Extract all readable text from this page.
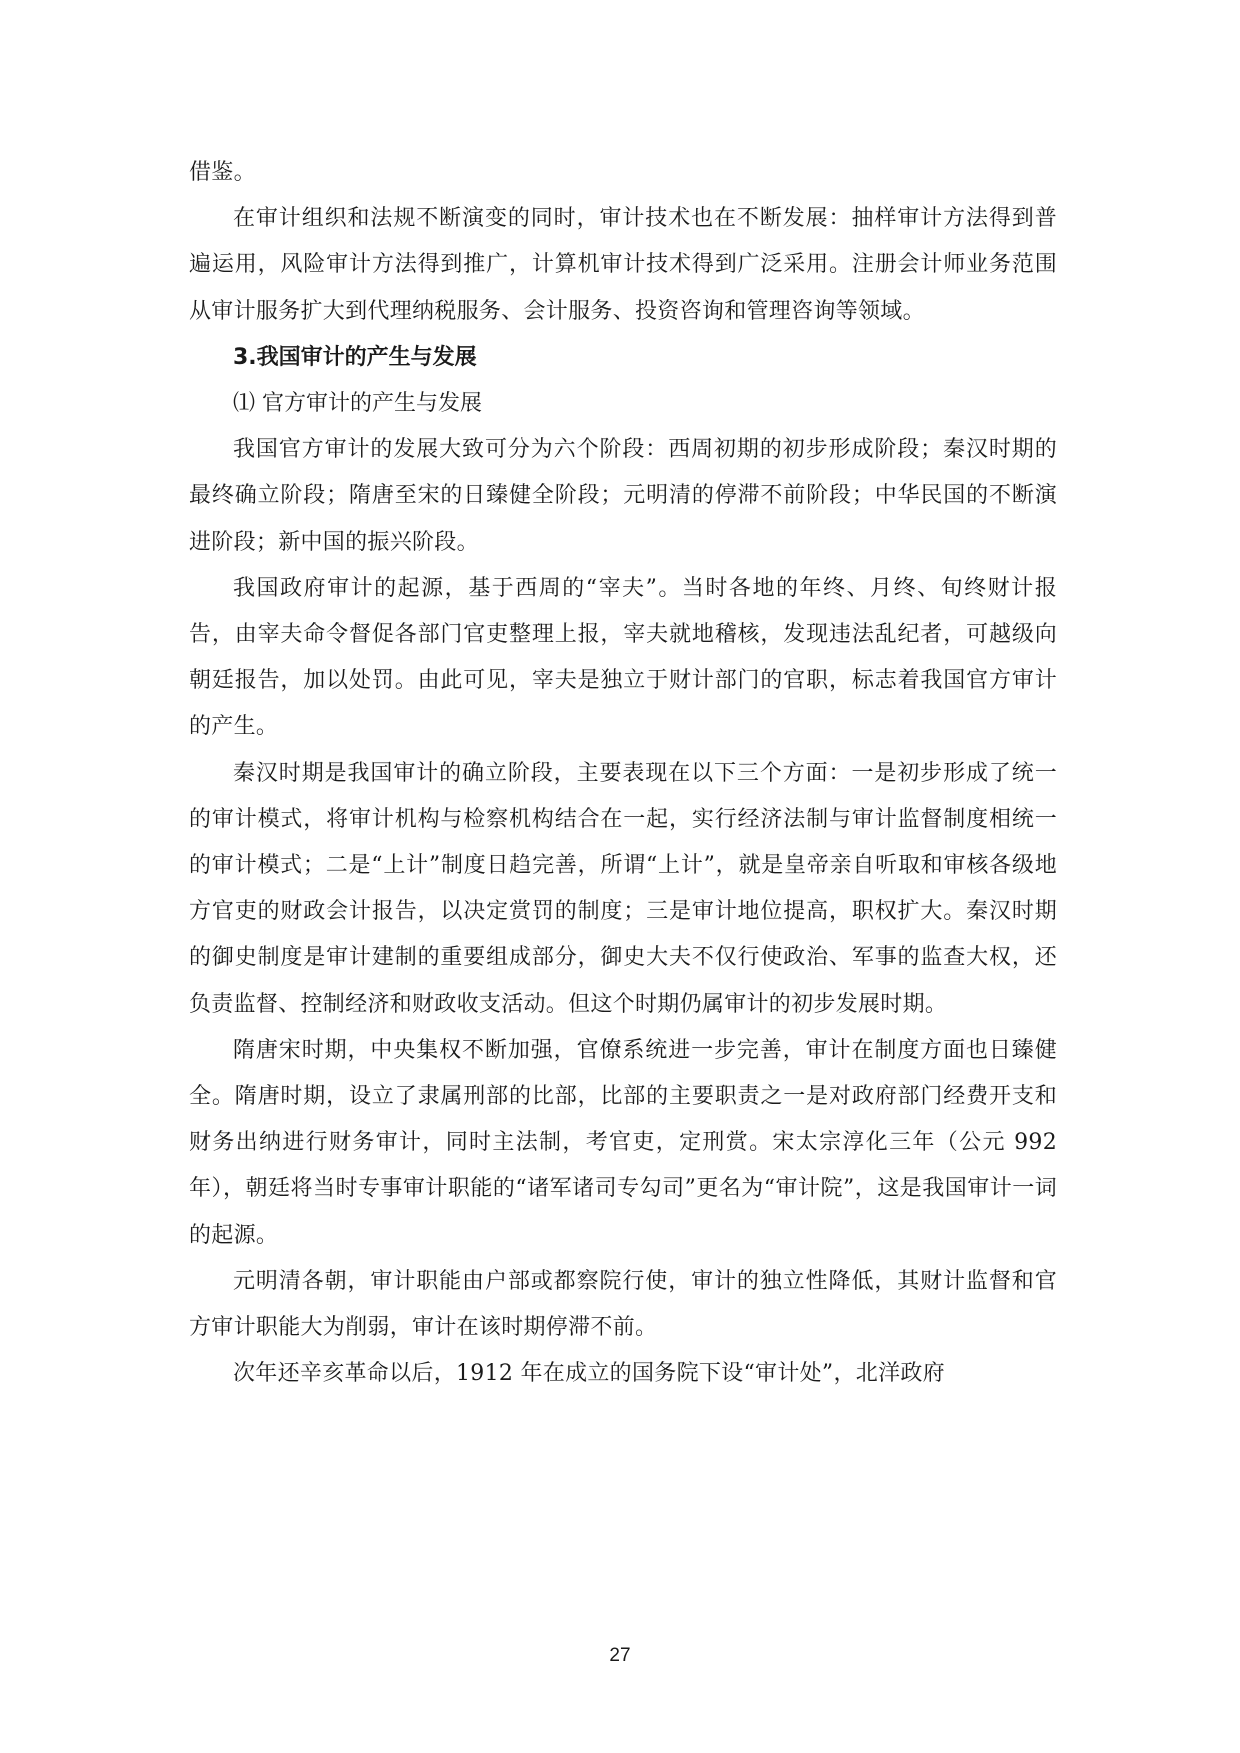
借鉴。

在审计组织和法规不断演变的同时，审计技术也在不断发展：抽样审计方法得到普遍运用，风险审计方法得到推广，计算机审计技术得到广泛采用。注册会计师业务范围从审计服务扩大到代理纳税服务、会计服务、投资咨询和管理咨询等领域。

3.我国审计的产生与发展

⑴ 官方审计的产生与发展

我国官方审计的发展大致可分为六个阶段：西周初期的初步形成阶段；秦汉时期的最终确立阶段；隋唐至宋的日臻健全阶段；元明清的停滞不前阶段；中华民国的不断演进阶段；新中国的振兴阶段。

我国政府审计的起源，基于西周的“宰夫”。当时各地的年终、月终、旬终财计报告，由宰夫命令督促各部门官吏整理上报，宰夫就地稽核，发现违法乱纪者，可越级向朝廷报告，加以处罚。由此可见，宰夫是独立于财计部门的官职，标志着我国官方审计的产生。

秦汉时期是我国审计的确立阶段，主要表现在以下三个方面：一是初步形成了统一的审计模式，将审计机构与检察机构结合在一起，实行经济法制与审计监督制度相统一的审计模式；二是“上计”制度日趋完善，所谓“上计”，就是皇帝亲自听取和审核各级地方官吏的财政会计报告，以决定赏罚的制度；三是审计地位提高，职权扩大。秦汉时期的御史制度是审计建制的重要组成部分，御史大夫不仅行使政治、军事的监查大权，还负责监督、控制经济和财政收支活动。但这个时期仍属审计的初步发展时期。

隋唐宋时期，中央集权不断加强，官僚系统进一步完善，审计在制度方面也日臻健全。隋唐时期，设立了隶属刑部的比部，比部的主要职责之一是对政府部门经费开支和财务出纳进行财务审计，同时主法制，考官吏，定刑赏。宋太宗淳化三年（公元 992 年），朝廷将当时专事审计职能的“诸军诸司专勾司”更名为“审计院”，这是我国审计一词的起源。

元明清各朝，审计职能由户部或都察院行使，审计的独立性降低，其财计监督和官方审计职能大为削弱，审计在该时期停滞不前。

次年还辛亥革命以后，1912 年在成立的国务院下设“审计处”，北洋政府

27
